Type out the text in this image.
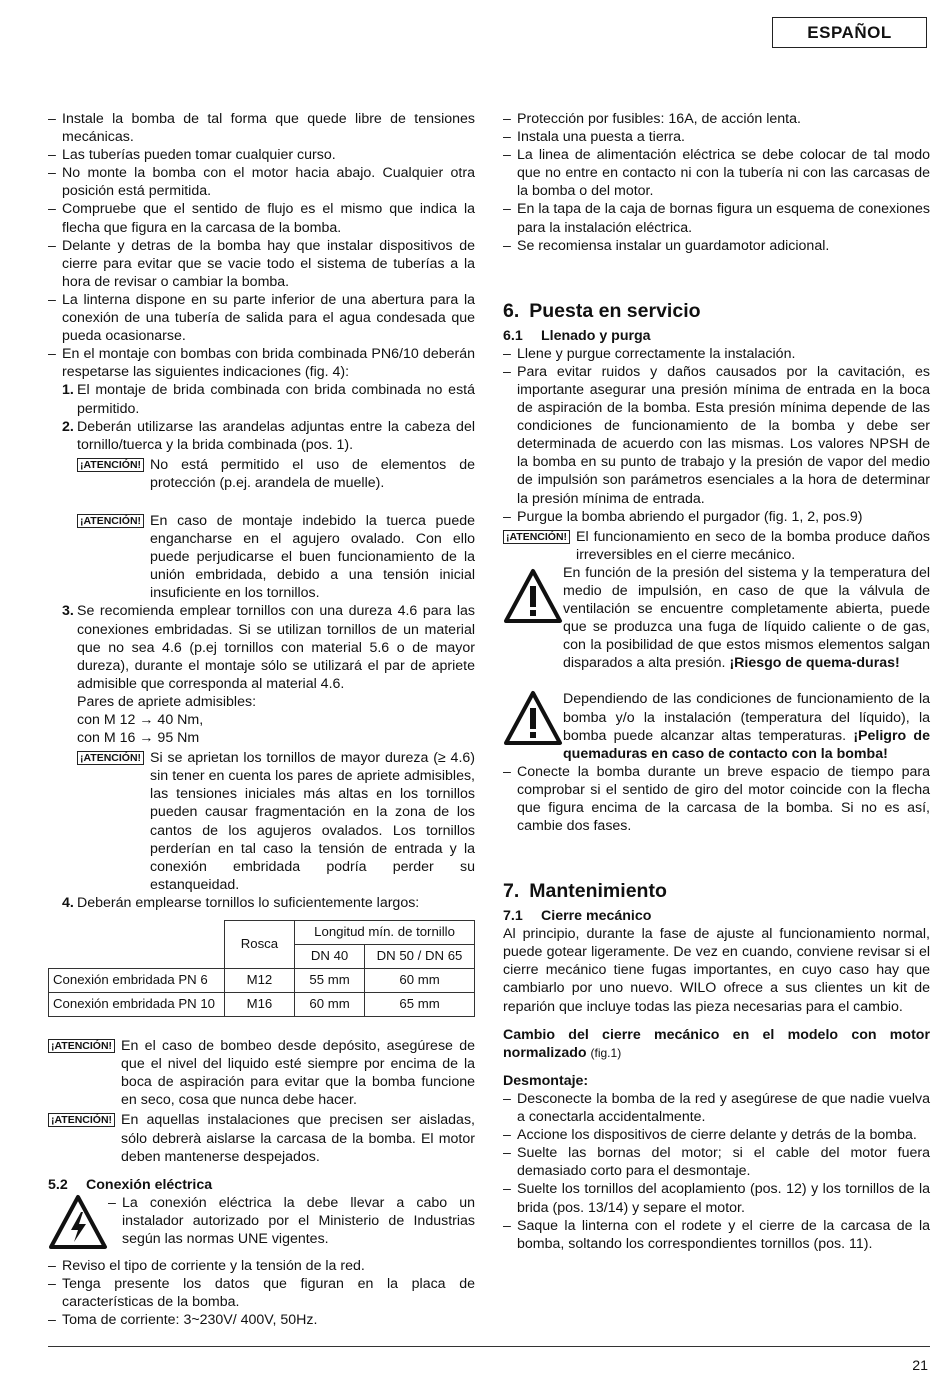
ESPAÑOL
– Instale la bomba de tal forma que quede libre de tensiones mecánicas.
– Las tuberías pueden tomar cualquier curso.
– No monte la bomba con el motor hacia abajo. Cualquier otra posición está permitida.
– Compruebe que el sentido de flujo es el mismo que indica la flecha que figura en la carcasa de la bomba.
– Delante y detras de la bomba hay que instalar dispositivos de cierre para evitar que se vacie todo el sistema de tuberías a la hora de revisar o cambiar la bomba.
– La linterna dispone en su parte inferior de una abertura para la conexión de una tubería de salida para el agua condesada que pueda ocasionarse.
– En el montaje con bombas con brida combinada PN6/10 deberán respetarse las siguientes indicaciones (fig. 4):
1. El montaje de brida combinada con brida combinada no está permitido.
2. Deberán utilizarse las arandelas adjuntas entre la cabeza del tornillo/tuerca y la brida combinada (pos. 1).
¡ATENCIÓN! No está permitido el uso de elementos de protección (p.ej. arandela de muelle).
¡ATENCIÓN! En caso de montaje indebido la tuerca puede engancharse en el agujero ovalado. Con ello puede perjudicarse el buen funcionamiento de la unión embridada, debido a una tensión inicial insuficiente en los tornillos.
3. Se recomienda emplear tornillos con una dureza 4.6 para las conexiones embridadas. Si se utilizan tornillos de un material que no sea 4.6 (p.ej tornillos con material 5.6 o de mayor dureza), durante el montaje sólo se utilizará el par de apriete admisible que corresponda al material 4.6.
Pares de apriete admisibles:
con M 12 → 40 Nm,
con M 16 → 95 Nm
¡ATENCIÓN! Si se aprietan los tornillos de mayor dureza (≥ 4.6) sin tener en cuenta los pares de apriete admisibles, las tensiones iniciales más altas en los tornillos pueden causar fragmentación en la zona de los cantos de los agujeros ovalados. Los tornillos perderían en tal caso la tensión de entrada y la conexión embridada podría perder su estanqueidad.
4. Deberán emplearse tornillos lo suficientemente largos:
	Rosca	Longitud mín. de tornillo	
		DN 40	DN 50 / DN 65
Conexión embridada PN 6	M12	55 mm	60 mm
Conexión embridada PN 10	M16	60 mm	65 mm
¡ATENCIÓN! En el caso de bombeo desde depósito, asegúrese de que el nivel del liquido esté siempre por encima de la boca de aspiración para evitar que la bomba funcione en seco, cosa que nunca debe hacer.
¡ATENCIÓN! En aquellas instalaciones que precisen ser aisladas, sólo debrerà aislarse la carcasa de la bomba. El motor deben mantenerse despejados.
5.2 Conexión eléctrica
– La conexión eléctrica la debe llevar a cabo un instalador autorizado por el Ministerio de Industrias según las normas UNE vigentes.
– Reviso el tipo de corriente y la tensión de la red.
– Tenga presente los datos que figuran en la placa de características de la bomba.
– Toma de corriente: 3~230V/ 400V, 50Hz.
– Protección por fusibles: 16A, de acción lenta.
– Instala una puesta a tierra.
– La linea de alimentación eléctrica se debe colocar de tal modo que no entre en contacto ni con la tubería ni con las carcasas de la bomba o del motor.
– En la tapa de la caja de bornas figura un esquema de conexiones para la instalación eléctrica.
– Se recomiensa instalar un guardamotor adicional.
6. Puesta en servicio
6.1 Llenado y purga
– Llene y purgue correctamente la instalación.
– Para evitar ruidos y daños causados por la cavitación, es importante asegurar una presión mínima de entrada en la boca de aspiración de la bomba. Esta presión mínima depende de las condiciones de funcionamiento de la bomba y debe ser determinada de acuerdo con las mismas. Los valores NPSH de la bomba en su punto de trabajo y la presión de vapor del medio de impulsión son parámetros esenciales a la hora de determinar la presión mínima de entrada.
– Purgue la bomba abriendo el purgador (fig. 1, 2, pos.9)
¡ATENCIÓN! El funcionamiento en seco de la bomba produce daños irreversibles en el cierre mecánico.
En función de la presión del sistema y la temperatura del medio de impulsión, en caso de que la válvula de ventilación se encuentre completamente abierta, puede que se produzca una fuga de líquido caliente o de gas, con la posibilidad de que estos mismos elementos salgan disparados a alta presión. ¡Riesgo de quema-duras!
Dependiendo de las condiciones de funcionamiento de la bomba y/o la instalación (temperatura del líquido), la bomba puede alcanzar altas temperaturas. ¡Peligro de quemaduras en caso de contacto con la bomba!
– Conecte la bomba durante un breve espacio de tiempo para comprobar si el sentido de giro del motor coincide con la flecha que figura encima de la carcasa de la bomba. Si no es así, cambie dos fases.
7. Mantenimiento
7.1 Cierre mecánico
Al principio, durante la fase de ajuste al funcionamiento normal, puede gotear ligeramente. De vez en cuando, conviene revisar si el cierre mecánico tiene fugas importantes, en cuyo caso hay que cambiarlo por uno nuevo. WILO ofrece a sus clientes un kit de reparión que incluye todas las pieza necesarias para el cambio.
Cambio del cierre mecánico en el modelo con motor normalizado (fig.1)
Desmontaje:
– Desconecte la bomba de la red y asegúrese de que nadie vuelva a conectarla accidentalmente.
– Accione los dispositivos de cierre delante y detrás de la bomba.
– Suelte las bornas del motor; si el cable del motor fuera demasiado corto para el desmontaje.
– Suelte los tornillos del acoplamiento (pos. 12) y los tornillos de la brida (pos. 13/14) y separe el motor.
– Saque la linterna con el rodete y el cierre de la carcasa de la bomba, soltando los correspondientes tornillos (pos. 11).
21
